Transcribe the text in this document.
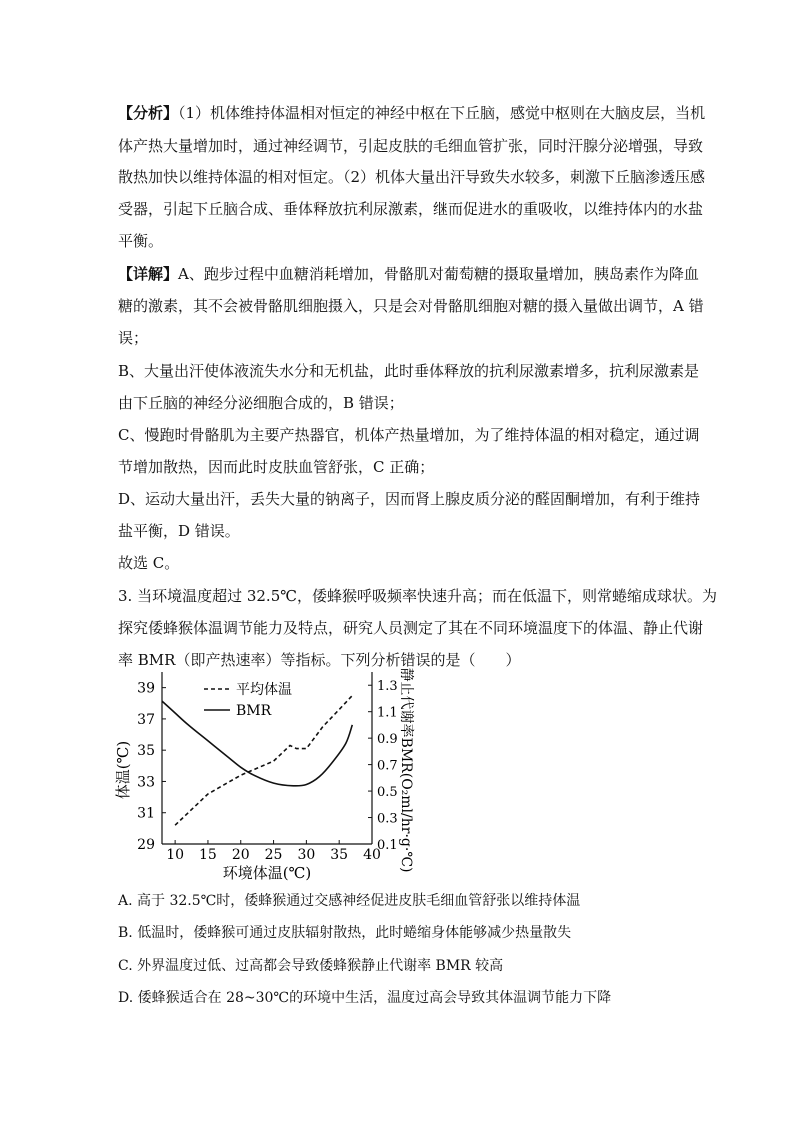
【分析】（1）机体维持体温相对恒定的神经中枢在下丘脑，感觉中枢则在大脑皮层，当机
体产热大量增加时，通过神经调节，引起皮肤的毛细血管扩张，同时汗腺分泌增强，导致
散热加快以维持体温的相对恒定。（2）机体大量出汗导致失水较多，刺激下丘脑渗透压感
受器，引起下丘脑合成、垂体释放抗利尿激素，继而促进水的重吸收，以维持体内的水盐
平衡。
【详解】A、跑步过程中血糖消耗增加，骨骼肌对葡萄糖的摄取量增加，胰岛素作为降血
糖的激素，其不会被骨骼肌细胞摄入，只是会对骨骼肌细胞对糖的摄入量做出调节，A 错
误；
B、大量出汗使体液流失水分和无机盐，此时垂体释放的抗利尿激素增多，抗利尿激素是
由下丘脑的神经分泌细胞合成的，B 错误；
C、慢跑时骨骼肌为主要产热器官，机体产热量增加，为了维持体温的相对稳定，通过调
节增加散热，因而此时皮肤血管舒张，C 正确；
D、运动大量出汗，丢失大量的钠离子，因而肾上腺皮质分泌的醛固酮增加，有利于维持
盐平衡，D 错误。
故选 C。
3. 当环境温度超过 32.5℃，倭蜂猴呼吸频率快速升高；而在低温下，则常蜷缩成球状。为
探究倭蜂猴体温调节能力及特点，研究人员测定了其在不同环境温度下的体温、静止代谢
率 BMR（即产热速率）等指标。下列分析错误的是（　　）
10 15 20 25 30 35 40
29
31
33
35
37
39
0.1
0.3
0.5
0.7
0.9
1.1
1.3
平均体温
BMR
环境体温(℃)
体温(℃)	静止代谢率BMR(O₂ml/hr·g·℃)
A. 高于 32.5℃时，倭蜂猴通过交感神经促进皮肤毛细血管舒张以维持体温
B. 低温时，倭蜂猴可通过皮肤辐射散热，此时蜷缩身体能够减少热量散失
C. 外界温度过低、过高都会导致倭蜂猴静止代谢率 BMR 较高
D. 倭蜂猴适合在 28~30℃的环境中生活，温度过高会导致其体温调节能力下降
